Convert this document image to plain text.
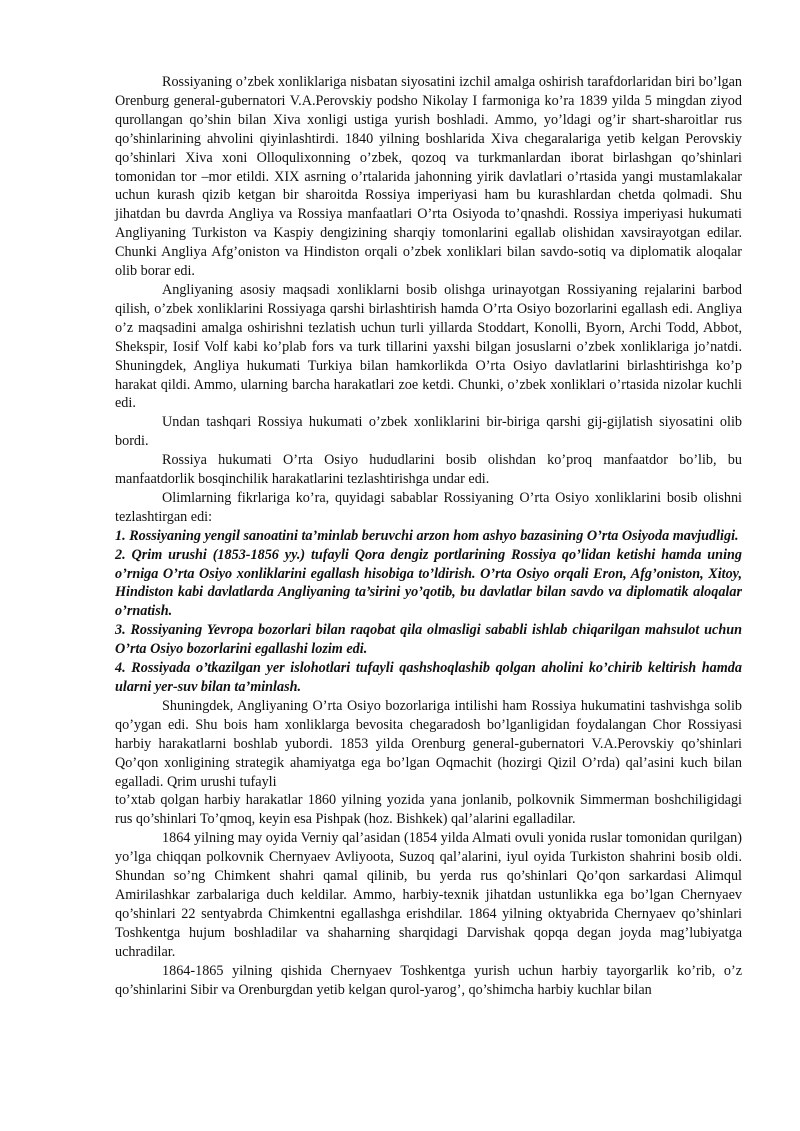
Rossiyaning o’zbek xonliklariga nisbatan siyosatini izchil amalga oshirish tarafdorlaridan biri bo’lgan Orenburg general-gubernatori V.A.Perovskiy podsho Nikolay I farmoniga ko’ra 1839 yilda 5 mingdan ziyod qurollangan qo’shin bilan Xiva xonligi ustiga yurish boshladi. Ammo, yo’ldagi og’ir shart-sharoitlar rus qo’shinlarining ahvolini qiyinlashtirdi. 1840 yilning boshlarida Xiva chegaralariga yetib kelgan Perovskiy qo’shinlari Xiva xoni Olloqulixonning o’zbek, qozoq va turkmanlardan iborat birlashgan qo’shinlari tomonidan tor –mor etildi. XIX asrning o’rtalarida jahonning yirik davlatlari o’rtasida yangi mustamlakalar uchun kurash qizib ketgan bir sharoitda Rossiya imperiyasi ham bu kurashlardan chetda qolmadi. Shu jihatdan bu davrda Angliya va Rossiya manfaatlari O’rta Osiyoda to’qnashdi. Rossiya imperiyasi hukumati Angliyaning Turkiston va Kaspiy dengizining sharqiy tomonlarini egallab olishidan xavsirayotgan edilar. Chunki Angliya Afg’oniston va Hindiston orqali o’zbek xonliklari bilan savdo-sotiq va diplomatik aloqalar olib borar edi.

Angliyaning asosiy maqsadi xonliklarni bosib olishga urinayotgan Rossiyaning rejalarini barbod qilish, o’zbek xonliklarini Rossiyaga qarshi birlashtirish hamda O’rta Osiyo bozorlarini egallash edi. Angliya o’z maqsadini amalga oshirishni tezlatish uchun turli yillarda Stoddart, Konolli, Byorn, Archi Todd, Abbot, Shekspir, Iosif Volf kabi ko’plab fors va turk tillarini yaxshi bilgan josuslarni o’zbek xonliklariga jo’natdi. Shuningdek, Angliya hukumati Turkiya bilan hamkorlikda O’rta Osiyo davlatlarini birlashtirishga ko’p harakat qildi. Ammo, ularning barcha harakatlari zoe ketdi. Chunki, o’zbek xonliklari o’rtasida nizolar kuchli edi.

Undan tashqari Rossiya hukumati o’zbek xonliklarini bir-biriga qarshi gij-gijlatish siyosatini olib bordi.

Rossiya hukumati O’rta Osiyo hududlarini bosib olishdan ko’proq manfaatdor bo’lib, bu manfaatdorlik bosqinchilik harakatlarini tezlashtirishga undar edi.

Olimlarning fikrlariga ko’ra, quyidagi sabablar Rossiyaning O’rta Osiyo xonliklarini bosib olishni tezlashtirgan edi:

1. Rossiyaning yengil sanoatini ta’minlab beruvchi arzon hom ashyo bazasining O’rta Osiyoda mavjudligi.

2. Qrim urushi (1853-1856 yy.) tufayli Qora dengiz portlarining Rossiya qo’lidan ketishi hamda uning o’rniga O’rta Osiyo xonliklarini egallash hisobiga to’ldirish. O’rta Osiyo orqali Eron, Afg’oniston, Xitoy, Hindiston kabi davlatlarda Angliyaning ta’sirini yo’qotib, bu davlatlar bilan savdo va diplomatik aloqalar o’rnatish.

3. Rossiyaning Yevropa bozorlari bilan raqobat qila olmasligi sababli ishlab chiqarilgan mahsulot uchun O’rta Osiyo bozorlarini egallashi lozim edi.

4. Rossiyada o’tkazilgan yer islohotlari tufayli qashshoqlashib qolgan aholini ko’chirib keltirish hamda ularni yer-suv bilan ta’minlash.

Shuningdek, Angliyaning O’rta Osiyo bozorlariga intilishi ham Rossiya hukumatini tashvishga solib qo’ygan edi. Shu bois ham xonliklarga bevosita chegaradosh bo’lganligidan foydalangan Chor Rossiyasi harbiy harakatlarni boshlab yubordi. 1853 yilda Orenburg general-gubernatori V.A.Perovskiy qo’shinlari Qo’qon xonligining strategik ahamiyatga ega bo’lgan Oqmachit (hozirgi Qizil O’rda) qal’asini kuch bilan egalladi. Qrim urushi tufayli

to’xtab qolgan harbiy harakatlar 1860 yilning yozida yana jonlanib, polkovnik Simmerman boshchiligidagi rus qo’shinlari To’qmoq, keyin esa Pishpak (hoz. Bishkek) qal’alarini egalladilar.

1864 yilning may oyida Verniy qal’asidan (1854 yilda Almati ovuli yonida ruslar tomonidan qurilgan) yo’lga chiqqan polkovnik Chernyaev Avliyoota, Suzoq qal’alarini, iyul oyida Turkiston shahrini bosib oldi. Shundan so’ng Chimkent shahri qamal qilinib, bu yerda rus qo’shinlari Qo’qon sarkardasi Alimqul Amirilashkar zarbalariga duch keldilar. Ammo, harbiy-texnik jihatdan ustunlikka ega bo’lgan Chernyaev qo’shinlari 22 sentyabrda Chimkentni egallashga erishdilar. 1864 yilning oktyabrida Chernyaev qo’shinlari Toshkentga hujum boshladilar va shaharning sharqidagi Darvishak qopqa degan joyda mag’lubiyatga uchradilar.

1864-1865 yilning qishida Chernyaev Toshkentga yurish uchun harbiy tayorgarlik ko’rib, o’z qo’shinlarini Sibir va Orenburgdan yetib kelgan qurol-yarog’, qo’shimcha harbiy kuchlar bilan
